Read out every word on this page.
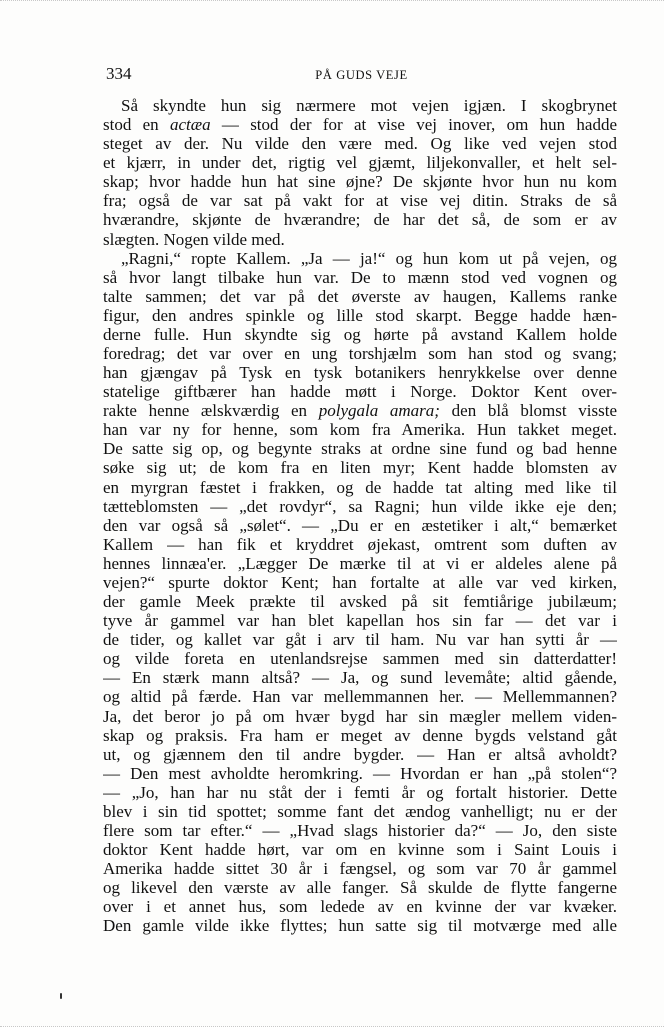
334	PÅ GUDS VEJE
Så skyndte hun sig nærmere mot vejen igjæn. I skogbrynet
stod en actæa — stod der for at vise vej inover, om hun hadde
steget av der. Nu vilde den være med. Og like ved vejen stod
et kjærr, in under det, rigtig vel gjæmt, liljekonvaller, et helt sel-
skap; hvor hadde hun hat sine øjne? De skjønte hvor hun nu kom
fra; også de var sat på vakt for at vise vej ditin. Straks de så
hværandre, skjønte de hværandre; de har det så, de som er av
slægten. Nogen vilde med.
„Ragni,“ ropte Kallem. „Ja — ja!“ og hun kom ut på vejen, og
så hvor langt tilbake hun var. De to mænn stod ved vognen og
talte sammen; det var på det øverste av haugen, Kallems ranke
figur, den andres spinkle og lille stod skarpt. Begge hadde hæn-
derne fulle. Hun skyndte sig og hørte på avstand Kallem holde
foredrag; det var over en ung torshjælm som han stod og svang;
han gjængav på Tysk en tysk botanikers henrykkelse over denne
statelige giftbærer han hadde møtt i Norge. Doktor Kent over-
rakte henne ælskværdig en polygala amara; den blå blomst visste
han var ny for henne, som kom fra Amerika. Hun takket meget.
De satte sig op, og begynte straks at ordne sine fund og bad henne
søke sig ut; de kom fra en liten myr; Kent hadde blomsten av
en myrgran fæstet i frakken, og de hadde tat alting med like til
tætteblomsten — „det rovdyr“, sa Ragni; hun vilde ikke eje den;
den var også så „sølet“. — „Du er en æstetiker i alt,“ bemærket
Kallem — han fik et kryddret øjekast, omtrent som duften av
hennes linnæa'er. „Lægger De mærke til at vi er aldeles alene på
vejen?“ spurte doktor Kent; han fortalte at alle var ved kirken,
der gamle Meek prækte til avsked på sit femtiårige jubilæum;
tyve år gammel var han blet kapellan hos sin far — det var i
de tider, og kallet var gåt i arv til ham. Nu var han sytti år —
og vilde foreta en utenlandsrejse sammen med sin datterdatter!
— En stærk mann altså? — Ja, og sund levemåte; altid gående,
og altid på færde. Han var mellemmannen her. — Mellemmannen?
Ja, det beror jo på om hvær bygd har sin mægler mellem viden-
skap og praksis. Fra ham er meget av denne bygds velstand gåt
ut, og gjænnem den til andre bygder. — Han er altså avholdt?
— Den mest avholdte heromkring. — Hvordan er han „på stolen“?
— „Jo, han har nu ståt der i femti år og fortalt historier. Dette
blev i sin tid spottet; somme fant det ændog vanhelligt; nu er der
flere som tar efter.“ — „Hvad slags historier da?“ — Jo, den siste
doktor Kent hadde hørt, var om en kvinne som i Saint Louis i
Amerika hadde sittet 30 år i fængsel, og som var 70 år gammel
og likevel den værste av alle fanger. Så skulde de flytte fangerne
over i et annet hus, som ledede av en kvinne der var kvæker.
Den gamle vilde ikke flyttes; hun satte sig til motværge med alle
